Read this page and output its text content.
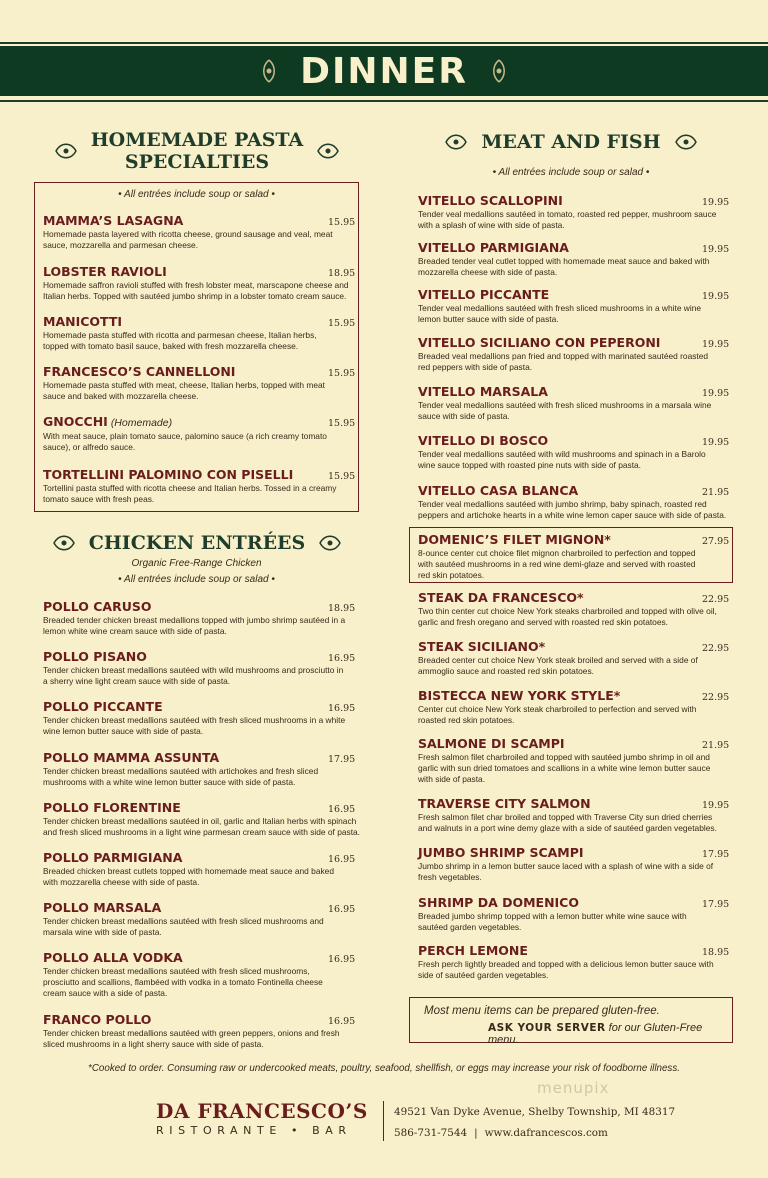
DINNER
HOMEMADE PASTA
SPECIALTIES
• All entrées include soup or salad •
MAMMA’S LASAGNA
Homemade pasta layered with ricotta cheese, ground sausage and veal, meat
sauce, mozzarella and parmesan cheese.
15.95
LOBSTER RAVIOLI
Homemade saffron ravioli stuffed with fresh lobster meat, marscapone cheese and
Italian herbs. Topped with sautéed jumbo shrimp in a lobster tomato cream sauce.
18.95
MANICOTTI
Homemade pasta stuffed with ricotta and parmesan cheese, Italian herbs,
topped with tomato basil sauce, baked with fresh mozzarella cheese.
15.95
FRANCESCO’S CANNELLONI
Homemade pasta stuffed with meat, cheese, Italian herbs, topped with meat
sauce and baked with mozzarella cheese.
15.95
GNOCCHI (Homemade)
With meat sauce, plain tomato sauce, palomino sauce (a rich creamy tomato
sauce), or alfredo sauce.
15.95
TORTELLINI PALOMINO CON PISELLI
Tortellini pasta stuffed with ricotta cheese and Italian herbs. Tossed in a creamy
tomato sauce with fresh peas.
15.95
CHICKEN ENTRÉES
Organic Free-Range Chicken
• All entrées include soup or salad •
POLLO CARUSO
Breaded tender chicken breast medallions topped with jumbo shrimp sautéed in a
lemon white wine cream sauce with side of pasta.
18.95
POLLO PISANO
Tender chicken breast medallions sautéed with wild mushrooms and prosciutto in
a sherry wine light cream sauce with side of pasta.
16.95
POLLO PICCANTE
Tender chicken breast medallions sautéed with fresh sliced mushrooms in a white
wine lemon butter sauce with side of pasta.
16.95
POLLO MAMMA ASSUNTA
Tender chicken breast medallions sautéed with artichokes and fresh sliced
mushrooms with a white wine lemon butter sauce with side of pasta.
17.95
POLLO FLORENTINE
Tender chicken breast medallions sautéed in oil, garlic and Italian herbs with spinach
and fresh sliced mushrooms in a light wine parmesan cream sauce with side of pasta.
16.95
POLLO PARMIGIANA
Breaded chicken breast cutlets topped with homemade meat sauce and baked
with mozzarella cheese with side of pasta.
16.95
POLLO MARSALA
Tender chicken breast medallions sautéed with fresh sliced mushrooms and
marsala wine with side of pasta.
16.95
POLLO ALLA VODKA
Tender chicken breast medallions sautéed with fresh sliced mushrooms,
prosciutto and scallions, flambéed with vodka in a tomato Fontinella cheese
cream sauce with a side of pasta.
16.95
FRANCO POLLO
Tender chicken breast medallions sautéed with green peppers, onions and fresh
sliced mushrooms in a light sherry sauce with side of pasta.
16.95
MEAT AND FISH
• All entrées include soup or salad •
VITELLO SCALLOPINI
Tender veal medallions sautéed in tomato, roasted red pepper, mushroom sauce
with a splash of wine with side of pasta.
19.95
VITELLO PARMIGIANA
Breaded tender veal cutlet topped with homemade meat sauce and baked with
mozzarella cheese with side of pasta.
19.95
VITELLO PICCANTE
Tender veal medallions sautéed with fresh sliced mushrooms in a white wine
lemon butter sauce with side of pasta.
19.95
VITELLO SICILIANO CON PEPERONI
Breaded veal medallions pan fried and topped with marinated sautéed roasted
red peppers with side of pasta.
19.95
VITELLO MARSALA
Tender veal medallions sautéed with fresh sliced mushrooms in a marsala wine
sauce with side of pasta.
19.95
VITELLO DI BOSCO
Tender veal medallions sautéed with wild mushrooms and spinach in a Barolo
wine sauce topped with roasted pine nuts with side of pasta.
19.95
VITELLO CASA BLANCA
Tender veal medallions sautéed with jumbo shrimp, baby spinach, roasted red
peppers and artichoke hearts in a white wine lemon caper sauce with side of pasta.
21.95
DOMENIC’S FILET MIGNON*
8-ounce center cut choice filet mignon charbroiled to perfection and topped
with sautéed mushrooms in a red wine demi-glaze and served with roasted
red skin potatoes.
27.95
STEAK DA FRANCESCO*
Two thin center cut choice New York steaks charbroiled and topped with olive oil,
garlic and fresh oregano and served with roasted red skin potatoes.
22.95
STEAK SICILIANO*
Breaded center cut choice New York steak broiled and served with a side of
ammoglio sauce and roasted red skin potatoes.
22.95
BISTECCA NEW YORK STYLE*
Center cut choice New York steak charbroiled to perfection and served with
roasted red skin potatoes.
22.95
SALMONE DI SCAMPI
Fresh salmon filet charbroiled and topped with sautéed jumbo shrimp in oil and
garlic with sun dried tomatoes and scallions in a white wine lemon butter sauce
with side of pasta.
21.95
TRAVERSE CITY SALMON
Fresh salmon filet char broiled and topped with Traverse City sun dried cherries
and walnuts in a port wine demy glaze with a side of sautéed garden vegetables.
19.95
JUMBO SHRIMP SCAMPI
Jumbo shrimp in a lemon butter sauce laced with a splash of wine with a side of
fresh vegetables.
17.95
SHRIMP DA DOMENICO
Breaded jumbo shrimp topped with a lemon butter white wine sauce with
sautéed garden vegetables.
17.95
PERCH LEMONE
Fresh perch lightly breaded and topped with a delicious lemon butter sauce with
side of sautéed garden vegetables.
18.95
Most menu items can be prepared gluten-free.
ASK YOUR SERVER for our Gluten-Free menu.
*Cooked to order. Consuming raw or undercooked meats, poultry, seafood, shellfish, or eggs may increase your risk of foodborne illness.
menupix
DA FRANCESCO’S
RISTORANTE • BAR
49521 Van Dyke Avenue, Shelby Township, MI 48317
586-731-7544 | www.dafrancescos.com
